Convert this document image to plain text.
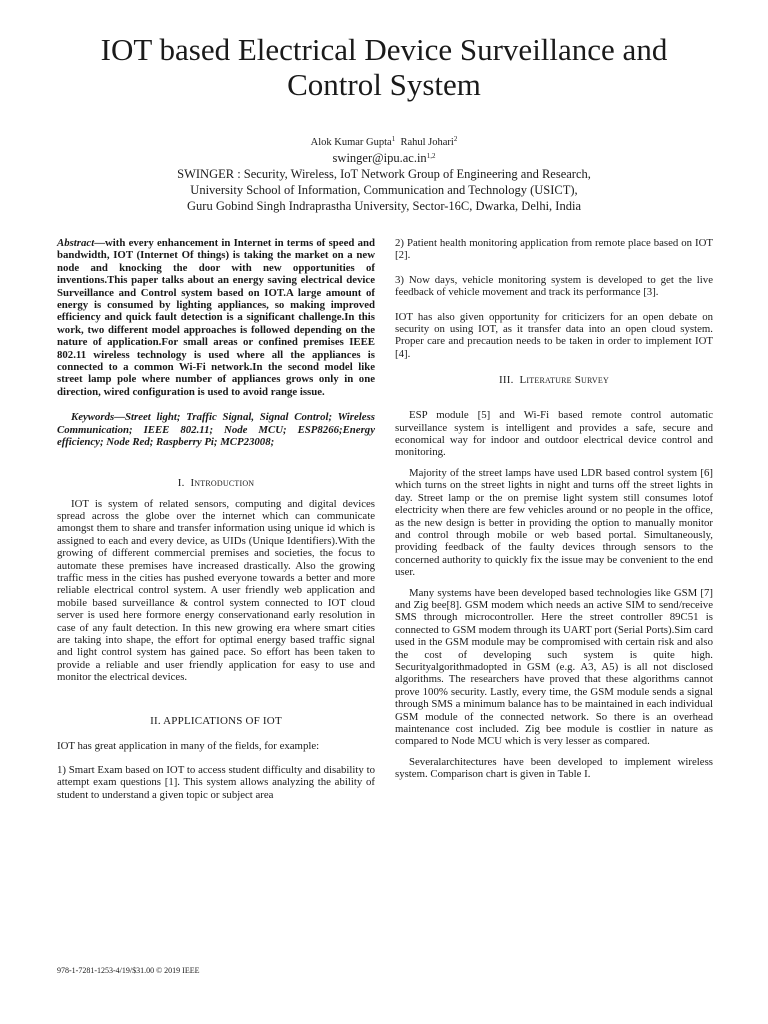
IOT based Electrical Device Surveillance and
Control System
Alok Kumar Gupta$^1$ Rahul Johari$^2$
swinger@ipu.ac.in$^{1,2}$
SWINGER : Security, Wireless, IoT Network Group of Engineering and Research,
University School of Information, Communication and Technology (USICT),
Guru Gobind Singh Indraprastha University, Sector-16C, Dwarka, Delhi, India

Abstract—with every enhancement in Internet in terms of speed and bandwidth, IOT (Internet Of things) is taking the market on a new node and knocking the door with new opportunities of inventions.This paper talks about an energy saving electrical device Surveillance and Control system based on IOT.A large amount of energy is consumed by lighting appliances, so making improved efficiency and quick fault detection is a significant challenge.In this work, two different model approaches is followed depending on the nature of application.For small areas or confined premises IEEE 802.11 wireless technology is used where all the appliances is connected to a common Wi-Fi network.In the second model like street lamp pole where number of appliances grows only in one direction, wired configuration is used to avoid range issue.

Keywords—Street light; Traffic Signal, Signal Control; Wireless Communication; IEEE 802.11; Node MCU; ESP8266;Energy efficiency; Node Red; Raspberry Pi; MCP23008;

I. Introduction

IOT is system of related sensors, computing and digital devices spread across the globe over the internet which can communicate amongst them to share and transfer information using unique id which is assigned to each and every device, as UIDs (Unique Identifiers).With the growing of different commercial premises and societies, the focus to automate these premises have increased drastically. Also the growing traffic mess in the cities has pushed everyone towards a better and more reliable electrical control system. A user friendly web application and mobile based surveillance & control system connected to IOT cloud server is used here formore energy conservationand early resolution in case of any fault detection. In this new growing era where smart cities are taking into shape, the effort for optimal energy based traffic signal and light control system has gained pace. So effort has been taken to provide a reliable and user friendly application for easy to use and monitor the electrical devices.

II. APPLICATIONS OF IOT

IOT has great application in many of the fields, for example:

1) Smart Exam based on IOT to access student difficulty and disability to attempt exam questions [1]. This system allows analyzing the ability of student to understand a given topic or subject area

2) Patient health monitoring application from remote place based on IOT [2].

3) Now days, vehicle monitoring system is developed to get the live feedback of vehicle movement and track its performance [3].

IOT has also given opportunity for criticizers for an open debate on security on using IOT, as it transfer data into an open cloud system. Proper care and precaution needs to be taken in order to implement IOT [4].

III. Literature Survey

ESP module [5] and Wi-Fi based remote control automatic surveillance system is intelligent and provides a safe, secure and economical way for indoor and outdoor electrical device control and monitoring.

Majority of the street lamps have used LDR based control system [6] which turns on the street lights in night and turns off the street lights in day. Street lamp or the on premise light system still consumes lotof electricity when there are few vehicles around or no people in the office, as the new design is better in providing the option to manually monitor and control through mobile or web based portal. Simultaneously, providing feedback of the faulty devices through sensors to the concerned authority to quickly fix the issue may be convenient to the end user.

Many systems have been developed based technologies like GSM [7] and Zig bee[8]. GSM modem which needs an active SIM to send/receive SMS through microcontroller. Here the street controller 89C51 is connected to GSM modem through its UART port (Serial Ports).Sim card used in the GSM module may be compromised with certain risk and also the cost of developing such system is quite high. Securityalgorithmadopted in GSM (e.g. A3, A5) is all not disclosed algorithms. The researchers have proved that these algorithms cannot prove 100% security. Lastly, every time, the GSM module sends a signal through SMS a minimum balance has to be maintained in each individual GSM module of the connected network. So there is an overhead maintenance cost included. Zig bee module is costlier in nature as compared to Node MCU which is very lesser as compared.

Severalarchitectures have been developed to implement wireless system. Comparison chart is given in Table I.

978-1-7281-1253-4/19/$31.00 © 2019 IEEE
